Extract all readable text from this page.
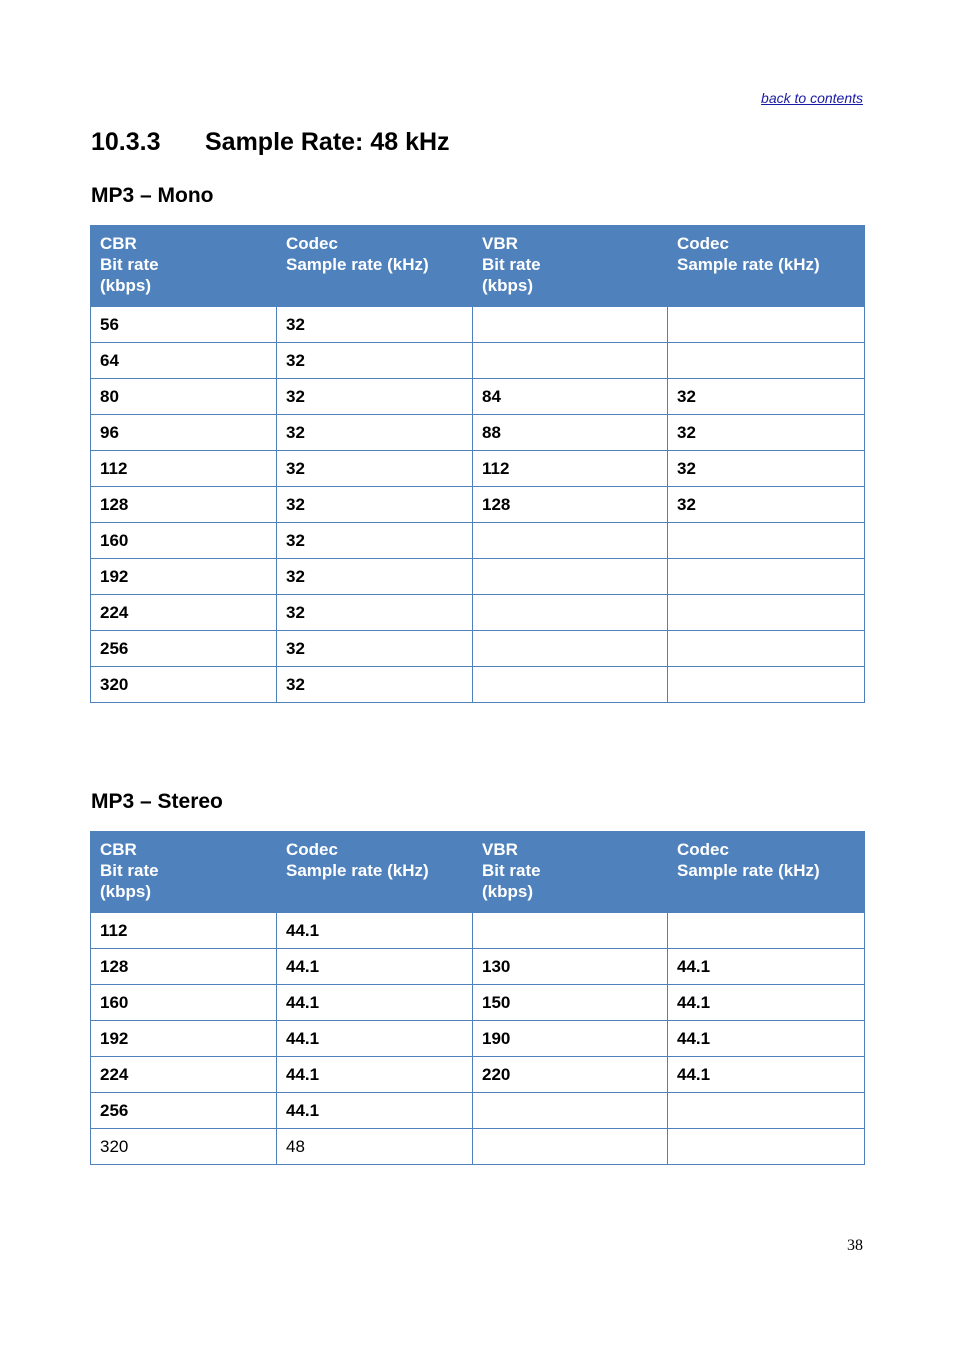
back to contents
10.3.3 Sample Rate: 48 kHz
MP3 – Mono
CBR
Bit rate
(kbps)	Codec
Sample rate (kHz)	VBR
Bit rate
(kbps)	Codec
Sample rate (kHz)

56	32		
64	32		
80	32	84	32
96	32	88	32
112	32	112	32
128	32	128	32
160	32		
192	32		
224	32		
256	32		
320	32		
MP3 – Stereo
CBR
Bit rate
(kbps)	Codec
Sample rate (kHz)	VBR
Bit rate
(kbps)	Codec
Sample rate (kHz)

112	44.1		
128	44.1	130	44.1
160	44.1	150	44.1
192	44.1	190	44.1
224	44.1	220	44.1
256	44.1		
320	48		
38
